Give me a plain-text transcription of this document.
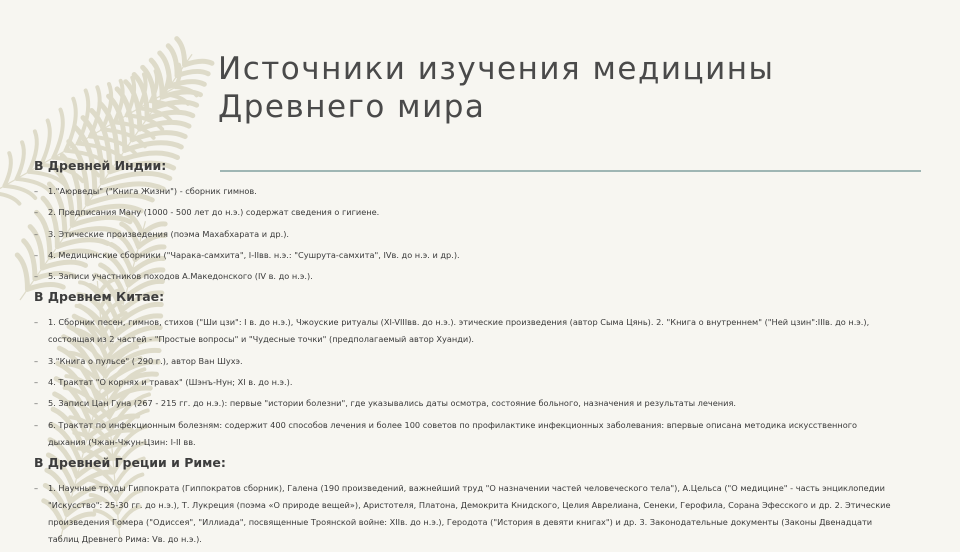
Источники изучения медицины
Древнего мира
В Древней Индии:
– 1."Аюрведы" ("Книга Жизни") - сборник гимнов.
– 2. Предписания Ману (1000 - 500 лет до н.э.) содержат сведения о гигиене.
– 3. Этические произведения (поэма Махабхарата и др.).
– 4. Медицинские сборники ("Чарака-самхита", I-IIвв. н.э.: "Сушрута-самхита", IVв. до н.э. и др.).
– 5. Записи участников походов А.Македонского (IV в. до н.э.).
В Древнем Китае:
– 1. Сборник песен, гимнов, стихов ("Ши цзи": I в. до н.э.), Чжоуские ритуалы (XI-VIIIвв. до н.э.). этические произведения (автор Сыма Цянь). 2. "Книга о внутреннем" ("Ней цзин":IIIв. до н.э.), состоящая из 2 частей - "Простые вопросы" и "Чудесные точки" (предполагаемый автор Хуанди).
– 3."Книга о пульсе" ( 290 г.), автор Ван Шухэ.
– 4. Трактат "О корнях и травах" (Шэнъ-Нун; XI в. до н.э.).
– 5. Записи Цан Гуна (267 - 215 гг. до н.э.): первые "истории болезни", где указывались даты осмотра, состояние больного, назначения и результаты лечения.
– 6. Трактат по инфекционным болезням: содержит 400 способов лечения и более 100 советов по профилактике инфекционных заболевания: впервые описана методика искусственного дыхания (Чжан-Чжун-Цзин: I-II вв.
В Древней Греции и Риме:
– 1. Научные труды Гиппократа (Гиппократов сборник), Галена (190 произведений, важнейший труд "О назначении частей человеческого тела"), А.Цельса ("О медицине" - часть энциклопедии "Искусство": 25-30 гг. до н.э.), Т. Лукреция (поэма «О природе вещей»), Аристотеля, Платона, Демокрита Книдского, Целия Аврелиана, Сенеки, Герофила, Сорана Эфесского и др. 2. Этические произведения Гомера ("Одиссея", "Иллиада", посвященные Троянской войне: XIIв. до н.э.), Геродота ("История в девяти книгах") и др. 3. Законодательные документы (Законы Двенадцати таблиц Древнего Рима: Vв. до н.э.).
